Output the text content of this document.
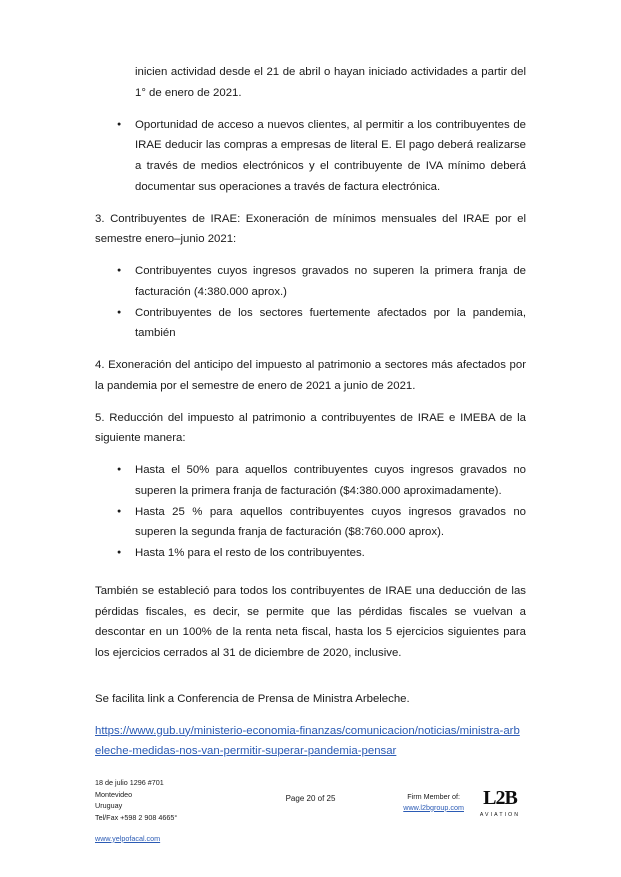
inicien actividad desde el 21 de abril o hayan iniciado actividades a partir del 1° de enero de 2021.

● Oportunidad de acceso a nuevos clientes, al permitir a los contribuyentes de IRAE deducir las compras a empresas de literal E. El pago deberá realizarse a través de medios electrónicos y el contribuyente de IVA mínimo deberá documentar sus operaciones a través de factura electrónica.

3. Contribuyentes de IRAE: Exoneración de mínimos mensuales del IRAE por el semestre enero–junio 2021:

● Contribuyentes cuyos ingresos gravados no superen la primera franja de facturación (4:380.000 aprox.)
● Contribuyentes de los sectores fuertemente afectados por la pandemia, también

4. Exoneración del anticipo del impuesto al patrimonio a sectores más afectados por la pandemia por el semestre de enero de 2021 a junio de 2021.

5. Reducción del impuesto al patrimonio a contribuyentes de IRAE e IMEBA de la siguiente manera:

● Hasta el 50% para aquellos contribuyentes cuyos ingresos gravados no superen la primera franja de facturación ($4:380.000 aproximadamente).
● Hasta 25 % para aquellos contribuyentes cuyos ingresos gravados no superen la segunda franja de facturación ($8:760.000 aprox).
● Hasta 1% para el resto de los contribuyentes.

También se estableció para todos los contribuyentes de IRAE una deducción de las pérdidas fiscales, es decir, se permite que las pérdidas fiscales se vuelvan a descontar en un 100% de la renta neta fiscal, hasta los 5 ejercicios siguientes para los ejercicios cerrados al 31 de diciembre de 2020, inclusive.

Se facilita link a Conferencia de Prensa de Ministra Arbeleche.

https://www.gub.uy/ministerio-economia-finanzas/comunicacion/noticias/ministra-arbeleche-medidas-nos-van-permitir-superar-pandemia-pensar

18 de julio 1296 #701
Montevideo
Uruguay
Tel/Fax +598 2 908 4665°
www.yelpofacal.com
Page 20 of 25	Firm Member of:
www.l2bgroup.com L2B
AVIATION
